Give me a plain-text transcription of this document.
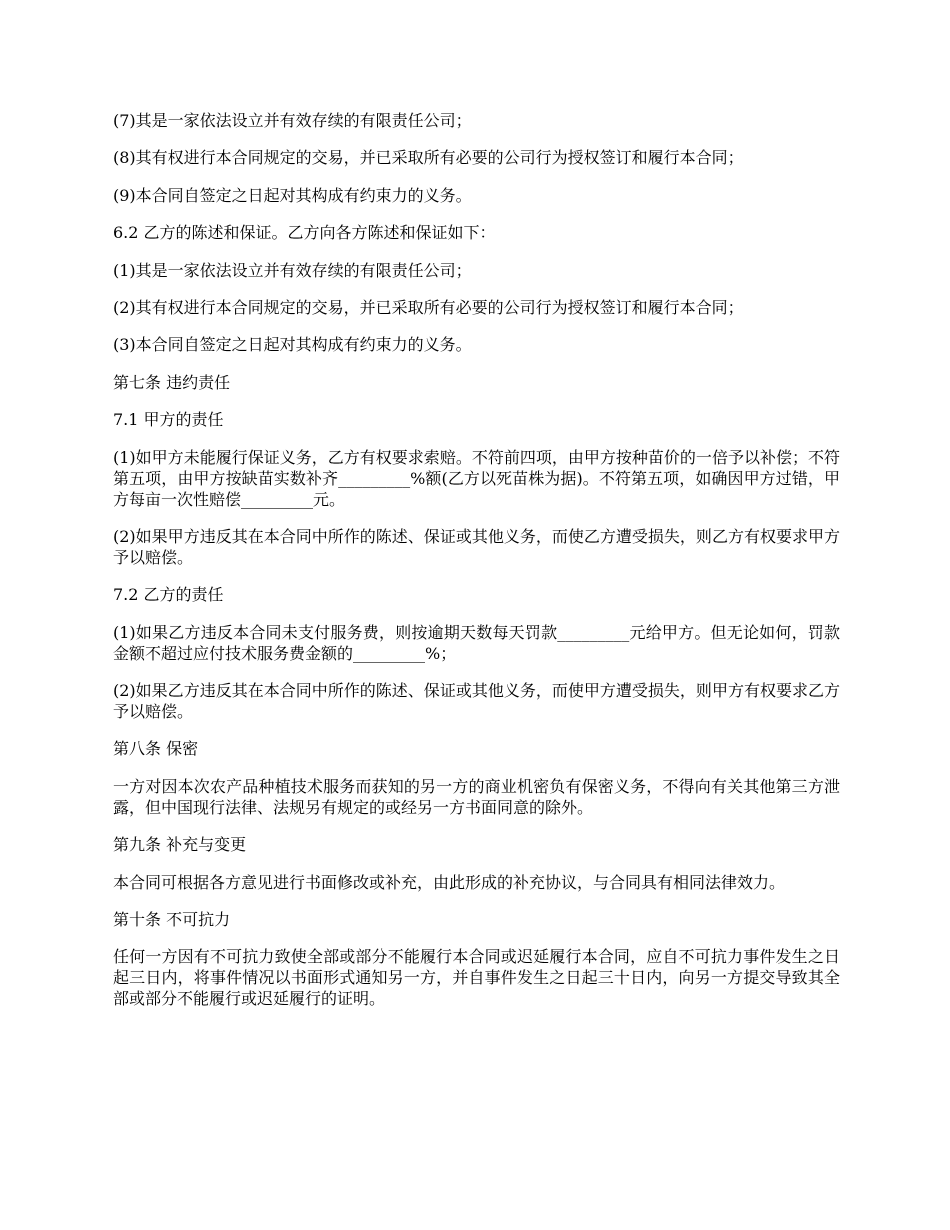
(7)其是一家依法设立并有效存续的有限责任公司；

(8)其有权进行本合同规定的交易，并已采取所有必要的公司行为授权签订和履行本合同；

(9)本合同自签定之日起对其构成有约束力的义务。

6.2 乙方的陈述和保证。乙方向各方陈述和保证如下：

(1)其是一家依法设立并有效存续的有限责任公司；

(2)其有权进行本合同规定的交易，并已采取所有必要的公司行为授权签订和履行本合同；

(3)本合同自签定之日起对其构成有约束力的义务。

第七条 违约责任

7.1 甲方的责任

(1)如甲方未能履行保证义务，乙方有权要求索赔。不符前四项，由甲方按种苗价的一倍予以补偿；不符第五项，由甲方按缺苗实数补齐_________%额(乙方以死苗株为据)。不符第五项，如确因甲方过错，甲方每亩一次性赔偿_________元。

(2)如果甲方违反其在本合同中所作的陈述、保证或其他义务，而使乙方遭受损失，则乙方有权要求甲方予以赔偿。

7.2 乙方的责任

(1)如果乙方违反本合同未支付服务费，则按逾期天数每天罚款_________元给甲方。但无论如何，罚款金额不超过应付技术服务费金额的_________%；

(2)如果乙方违反其在本合同中所作的陈述、保证或其他义务，而使甲方遭受损失，则甲方有权要求乙方予以赔偿。

第八条 保密

一方对因本次农产品种植技术服务而获知的另一方的商业机密负有保密义务，不得向有关其他第三方泄露，但中国现行法律、法规另有规定的或经另一方书面同意的除外。

第九条 补充与变更

本合同可根据各方意见进行书面修改或补充，由此形成的补充协议，与合同具有相同法律效力。

第十条 不可抗力

任何一方因有不可抗力致使全部或部分不能履行本合同或迟延履行本合同，应自不可抗力事件发生之日起三日内，将事件情况以书面形式通知另一方，并自事件发生之日起三十日内，向另一方提交导致其全部或部分不能履行或迟延履行的证明。
